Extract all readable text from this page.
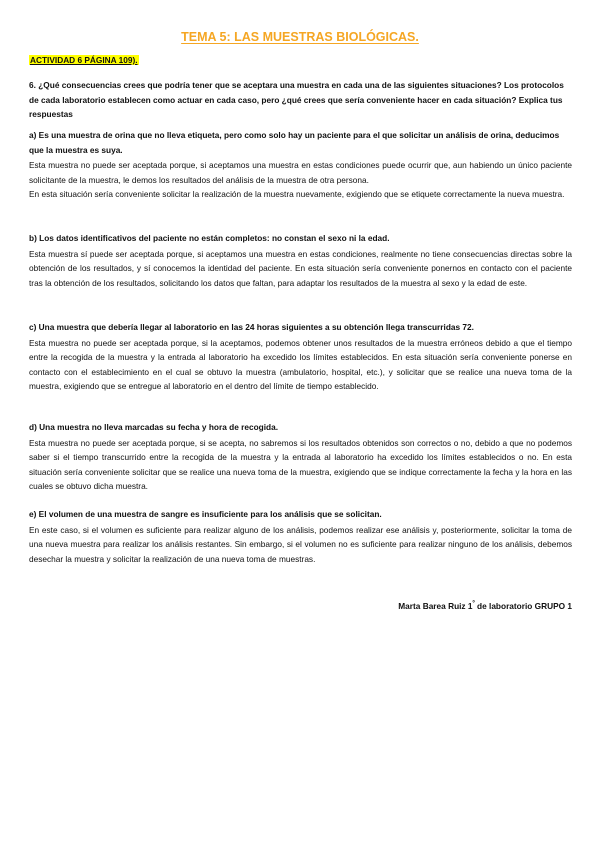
TEMA 5: LAS MUESTRAS BIOLÓGICAS.
ACTIVIDAD 6 PÁGINA 109).
6. ¿Qué consecuencias crees que podría tener que se aceptara una muestra en cada una de las siguientes situaciones? Los protocolos de cada laboratorio establecen como actuar en cada caso, pero ¿qué crees que sería conveniente hacer en cada situación? Explica tus respuestas
a) Es una muestra de orina que no lleva etiqueta, pero como solo hay un paciente para el que solicitar un análisis de orina, deducimos que la muestra es suya.
Esta muestra no puede ser aceptada porque, si aceptamos una muestra en estas condiciones puede ocurrir que, aun habiendo un único paciente solicitante de la muestra, le demos los resultados del análisis de la muestra de otra persona.
En esta situación sería conveniente solicitar la realización de la muestra nuevamente, exigiendo que se etiquete correctamente la nueva muestra.
b) Los datos identificativos del paciente no están completos: no constan el sexo ni la edad.
Esta muestra sí puede ser aceptada porque, si aceptamos una muestra en estas condiciones, realmente no tiene consecuencias directas sobre la obtención de los resultados, y sí conocemos la identidad del paciente. En esta situación sería conveniente ponernos en contacto con el paciente tras la obtención de los resultados, solicitando los datos que faltan, para adaptar los resultados de la muestra al sexo y la edad de este.
c) Una muestra que debería llegar al laboratorio en las 24 horas siguientes a su obtención llega transcurridas 72.
Esta muestra no puede ser aceptada porque, si la aceptamos, podemos obtener unos resultados de la muestra erróneos debido a que el tiempo entre la recogida de la muestra y la entrada al laboratorio ha excedido los límites establecidos. En esta situación sería conveniente ponerse en contacto con el establecimiento en el cual se obtuvo la muestra (ambulatorio, hospital, etc.), y solicitar que se realice una nueva toma de la muestra, exigiendo que se entregue al laboratorio en el dentro del límite de tiempo establecido.
d) Una muestra no lleva marcadas su fecha y hora de recogida.
Esta muestra no puede ser aceptada porque, si se acepta, no sabremos si los resultados obtenidos son correctos o no, debido a que no podemos saber si el tiempo transcurrido entre la recogida de la muestra y la entrada al laboratorio ha excedido los límites establecidos o no. En esta situación sería conveniente solicitar que se realice una nueva toma de la muestra, exigiendo que se indique correctamente la fecha y la hora en las cuales se obtuvo dicha muestra.
e) El volumen de una muestra de sangre es insuficiente para los análisis que se solicitan.
En este caso, si el volumen es suficiente para realizar alguno de los análisis, podemos realizar ese análisis y, posteriormente, solicitar la toma de una nueva muestra para realizar los análisis restantes. Sin embargo, si el volumen no es suficiente para realizar ninguno de los análisis, debemos desechar la muestra y solicitar la realización de una nueva toma de muestras.
Marta Barea Ruiz $1^º$ de laboratorio GRUPO 1
